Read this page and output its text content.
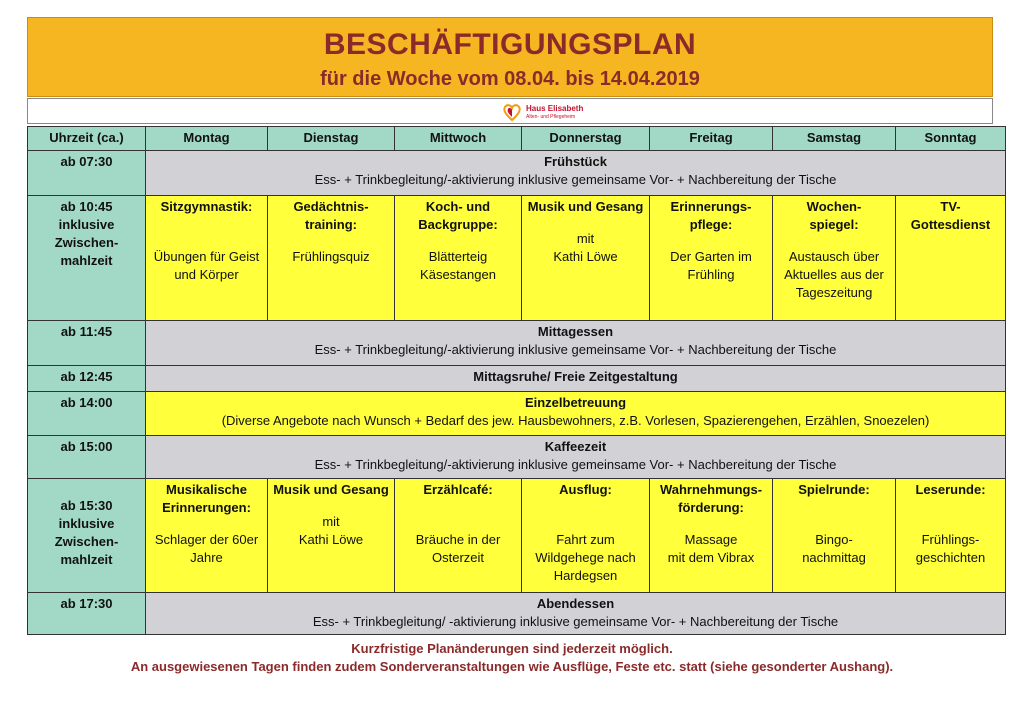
BESCHÄFTIGUNGSPLAN
für die Woche vom 08.04. bis 14.04.2019
Haus Elisabeth
Alten- und Pflegeheim
Uhrzeit (ca.)	Montag	Dienstag	Mittwoch	Donnerstag	Freitag	Samstag	Sonntag
ab 07:30	Frühstück
Ess- + Trinkbegleitung/-aktivierung inklusive gemeinsame Vor- + Nachbereitung der Tische						

ab 10:45
inklusive
Zwischen-
mahlzeit	Sitzgymnastik:
Übungen für Geist und Körper	Gedächtnis-
training:
Frühlingsquiz	Koch- und Backgruppe:
Blätterteig Käsestangen	Musik und Gesang
mit
Kathi Löwe	Erinnerungs-
pflege:
Der Garten im Frühling	Wochen-
spiegel:
Austausch über Aktuelles aus der Tageszeitung	TV-
Gottesdienst

ab 11:45	Mittagessen
Ess- + Trinkbegleitung/-aktivierung inklusive gemeinsame Vor- + Nachbereitung der Tische						

ab 12:45	Mittagsruhe/ Freie Zeitgestaltung						

ab 14:00	Einzelbetreuung
(Diverse Angebote nach Wunsch + Bedarf des jew. Hausbewohners, z.B. Vorlesen, Spazierengehen, Erzählen, Snoezelen)						

ab 15:00	Kaffeezeit
Ess- + Trinkbegleitung/-aktivierung inklusive gemeinsame Vor- + Nachbereitung der Tische						

ab 15:30
inklusive
Zwischen-
mahlzeit	Musikalische Erinnerungen:
Schlager der 60er Jahre	Musik und Gesang
mit
Kathi Löwe	Erzählcafé:
Bräuche in der Osterzeit	Ausflug:
Fahrt zum Wildgehege nach Hardegsen	Wahrnehmungs-
förderung:
Massage
mit dem Vibrax	Spielrunde:
Bingo-
nachmittag	Leserunde:
Frühlings-
geschichten

ab 17:30	Abendessen
Ess- + Trinkbegleitung/ -aktivierung inklusive gemeinsame Vor- + Nachbereitung der Tische						
Kurzfristige Planänderungen sind jederzeit möglich.
An ausgewiesenen Tagen finden zudem Sonderveranstaltungen wie Ausflüge, Feste etc. statt (siehe gesonderter Aushang).
